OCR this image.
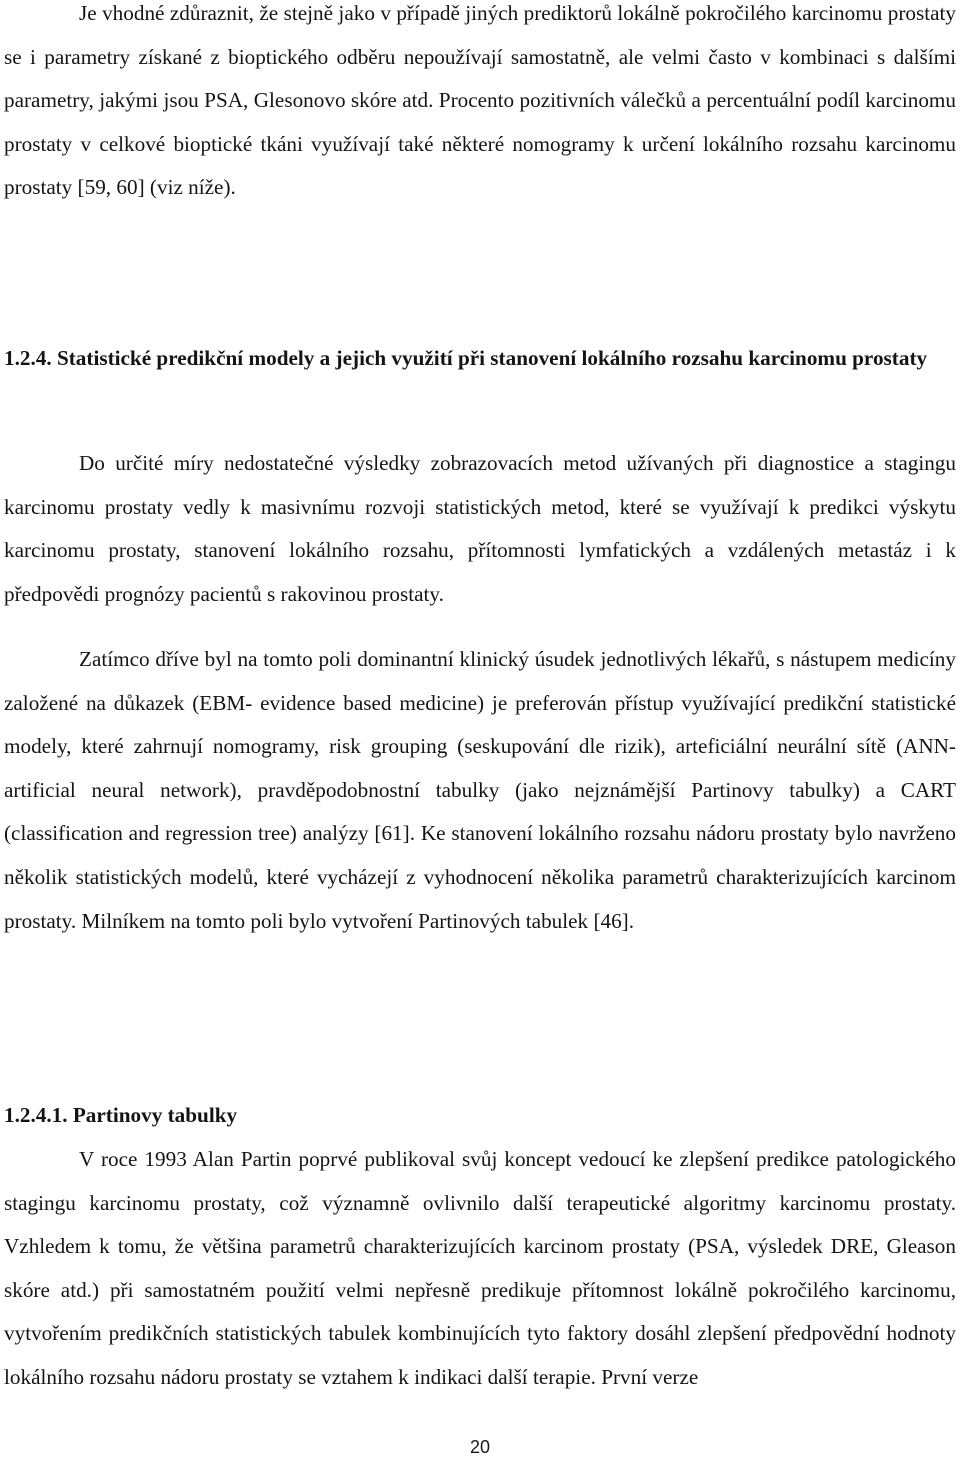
Je vhodné zdůraznit, že stejně jako v případě jiných prediktorů lokálně pokročilého karcinomu prostaty se i parametry získané z bioptického odběru nepoužívají samostatně, ale velmi často v kombinaci s dalšími parametry, jakými jsou PSA, Glesonovo skóre atd. Procento pozitivních válečků a percentuální podíl karcinomu prostaty v celkové bioptické tkáni využívají také některé nomogramy k určení lokálního rozsahu karcinomu prostaty [59, 60] (viz níže).

1.2.4. Statistické predikční modely a jejich využití při stanovení lokálního rozsahu karcinomu prostaty

Do určité míry nedostatečné výsledky zobrazovacích metod užívaných při diagnostice a stagingu karcinomu prostaty vedly k masivnímu rozvoji statistických metod, které se využívají k predikci výskytu karcinomu prostaty, stanovení lokálního rozsahu, přítomnosti lymfatických a vzdálených metastáz i k předpovědi prognózy pacientů s rakovinou prostaty.

Zatímco dříve byl na tomto poli dominantní klinický úsudek jednotlivých lékařů, s nástupem medicíny založené na důkazek (EBM- evidence based medicine) je preferován přístup využívající predikční statistické modely, které zahrnují nomogramy, risk grouping (seskupování dle rizik), arteficiální neurální sítě (ANN- artificial neural network), pravděpodobnostní tabulky (jako nejznámější Partinovy tabulky) a CART (classification and regression tree) analýzy [61]. Ke stanovení lokálního rozsahu nádoru prostaty bylo navrženo několik statistických modelů, které vycházejí z vyhodnocení několika parametrů charakterizujících karcinom prostaty. Milníkem na tomto poli bylo vytvoření Partinových tabulek [46].

1.2.4.1. Partinovy tabulky

V roce 1993 Alan Partin poprvé publikoval svůj koncept vedoucí ke zlepšení predikce patologického stagingu karcinomu prostaty, což významně ovlivnilo další terapeutické algoritmy karcinomu prostaty. Vzhledem k tomu, že většina parametrů charakterizujících karcinom prostaty (PSA, výsledek DRE, Gleason skóre atd.) při samostatném použití velmi nepřesně predikuje přítomnost lokálně pokročilého karcinomu, vytvořením predikčních statistických tabulek kombinujících tyto faktory dosáhl zlepšení předpovědní hodnoty lokálního rozsahu nádoru prostaty se vztahem k indikaci další terapie. První verze

20
